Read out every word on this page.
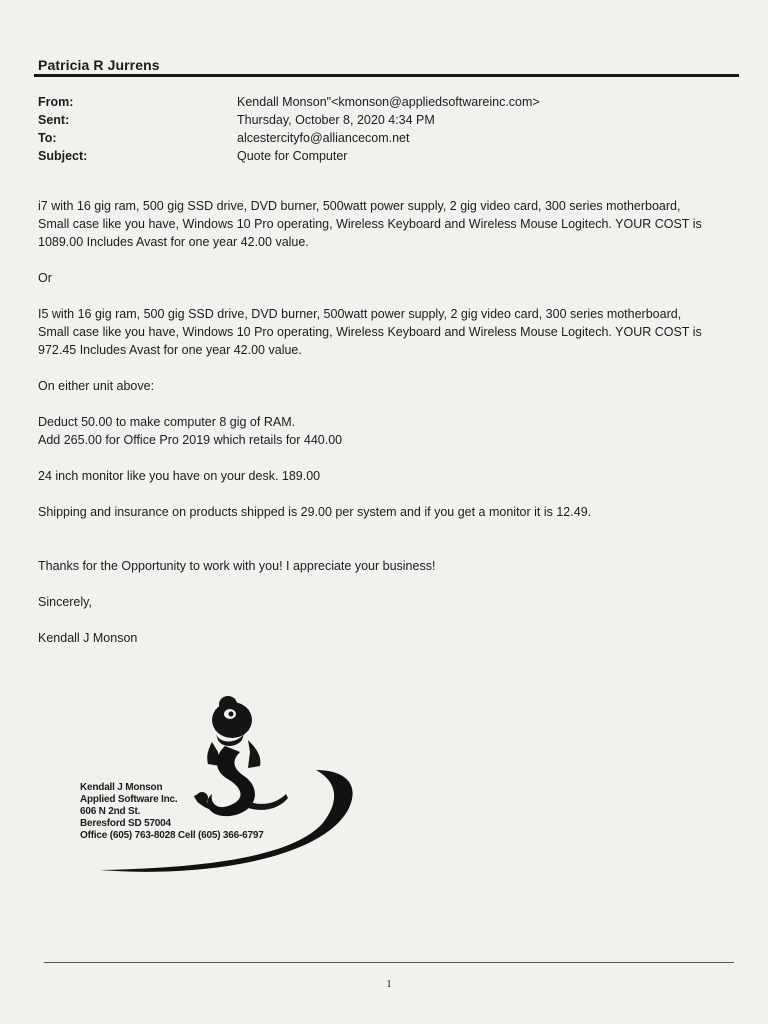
Patricia R Jurrens
From:	Kendall Monson"<kmonson@appliedsoftwareinc.com>
Sent:	Thursday, October 8, 2020 4:34 PM
To:	alcestercityfo@alliancecom.net
Subject:	Quote for Computer

i7 with 16 gig ram, 500 gig SSD drive, DVD burner, 500watt power supply, 2 gig video card, 300 series motherboard,

Small case like you have, Windows 10 Pro operating, Wireless Keyboard and Wireless Mouse Logitech. YOUR COST is

1089.00 Includes Avast for one year 42.00 value.

Or

I5 with 16 gig ram, 500 gig SSD drive, DVD burner, 500watt power supply, 2 gig video card, 300 series motherboard,

Small case like you have, Windows 10 Pro operating, Wireless Keyboard and Wireless Mouse Logitech. YOUR COST is

972.45 Includes Avast for one year 42.00 value.

On either unit above:

Deduct 50.00 to make computer 8 gig of RAM.

Add 265.00 for Office Pro 2019 which retails for 440.00

24 inch monitor like you have on your desk. 189.00

Shipping and insurance on products shipped is 29.00 per system and if you get a monitor it is 12.49.

Thanks for the Opportunity to work with you! I appreciate your business!

Sincerely,

Kendall J Monson

Kendall J Monson
Applied Software Inc.
606 N 2nd St.
Beresford SD 57004
Office (605) 763-8028 Cell (605) 366-6797
1
